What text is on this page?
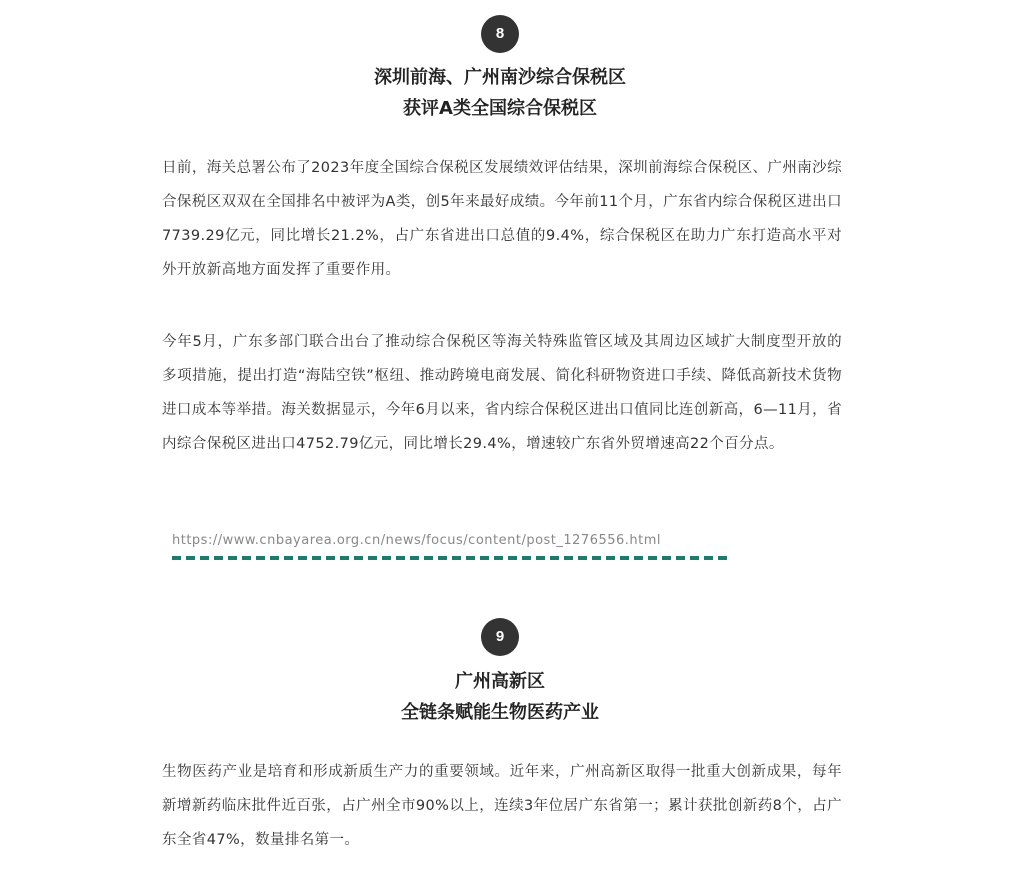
8
深圳前海、广州南沙综合保税区
获评A类全国综合保税区
日前，海关总署公布了2023年度全国综合保税区发展绩效评估结果，深圳前海综合保税区、广州南沙综合保税区双双在全国排名中被评为A类，创5年来最好成绩。今年前11个月，广东省内综合保税区进出口7739.29亿元，同比增长21.2%，占广东省进出口总值的9.4%，综合保税区在助力广东打造高水平对外开放新高地方面发挥了重要作用。
今年5月，广东多部门联合出台了推动综合保税区等海关特殊监管区域及其周边区域扩大制度型开放的多项措施，提出打造“海陆空铁”枢纽、推动跨境电商发展、简化科研物资进口手续、降低高新技术货物进口成本等举措。海关数据显示，今年6月以来，省内综合保税区进出口值同比连创新高，6—11月，省内综合保税区进出口4752.79亿元，同比增长29.4%，增速较广东省外贸增速高22个百分点。
https://www.cnbayarea.org.cn/news/focus/content/post_1276556.html
9
广州高新区
全链条赋能生物医药产业
生物医药产业是培育和形成新质生产力的重要领域。近年来，广州高新区取得一批重大创新成果，每年新增新药临床批件近百张，占广州全市90%以上，连续3年位居广东省第一；累计获批创新药8个，占广东全省47%，数量排名第一。
